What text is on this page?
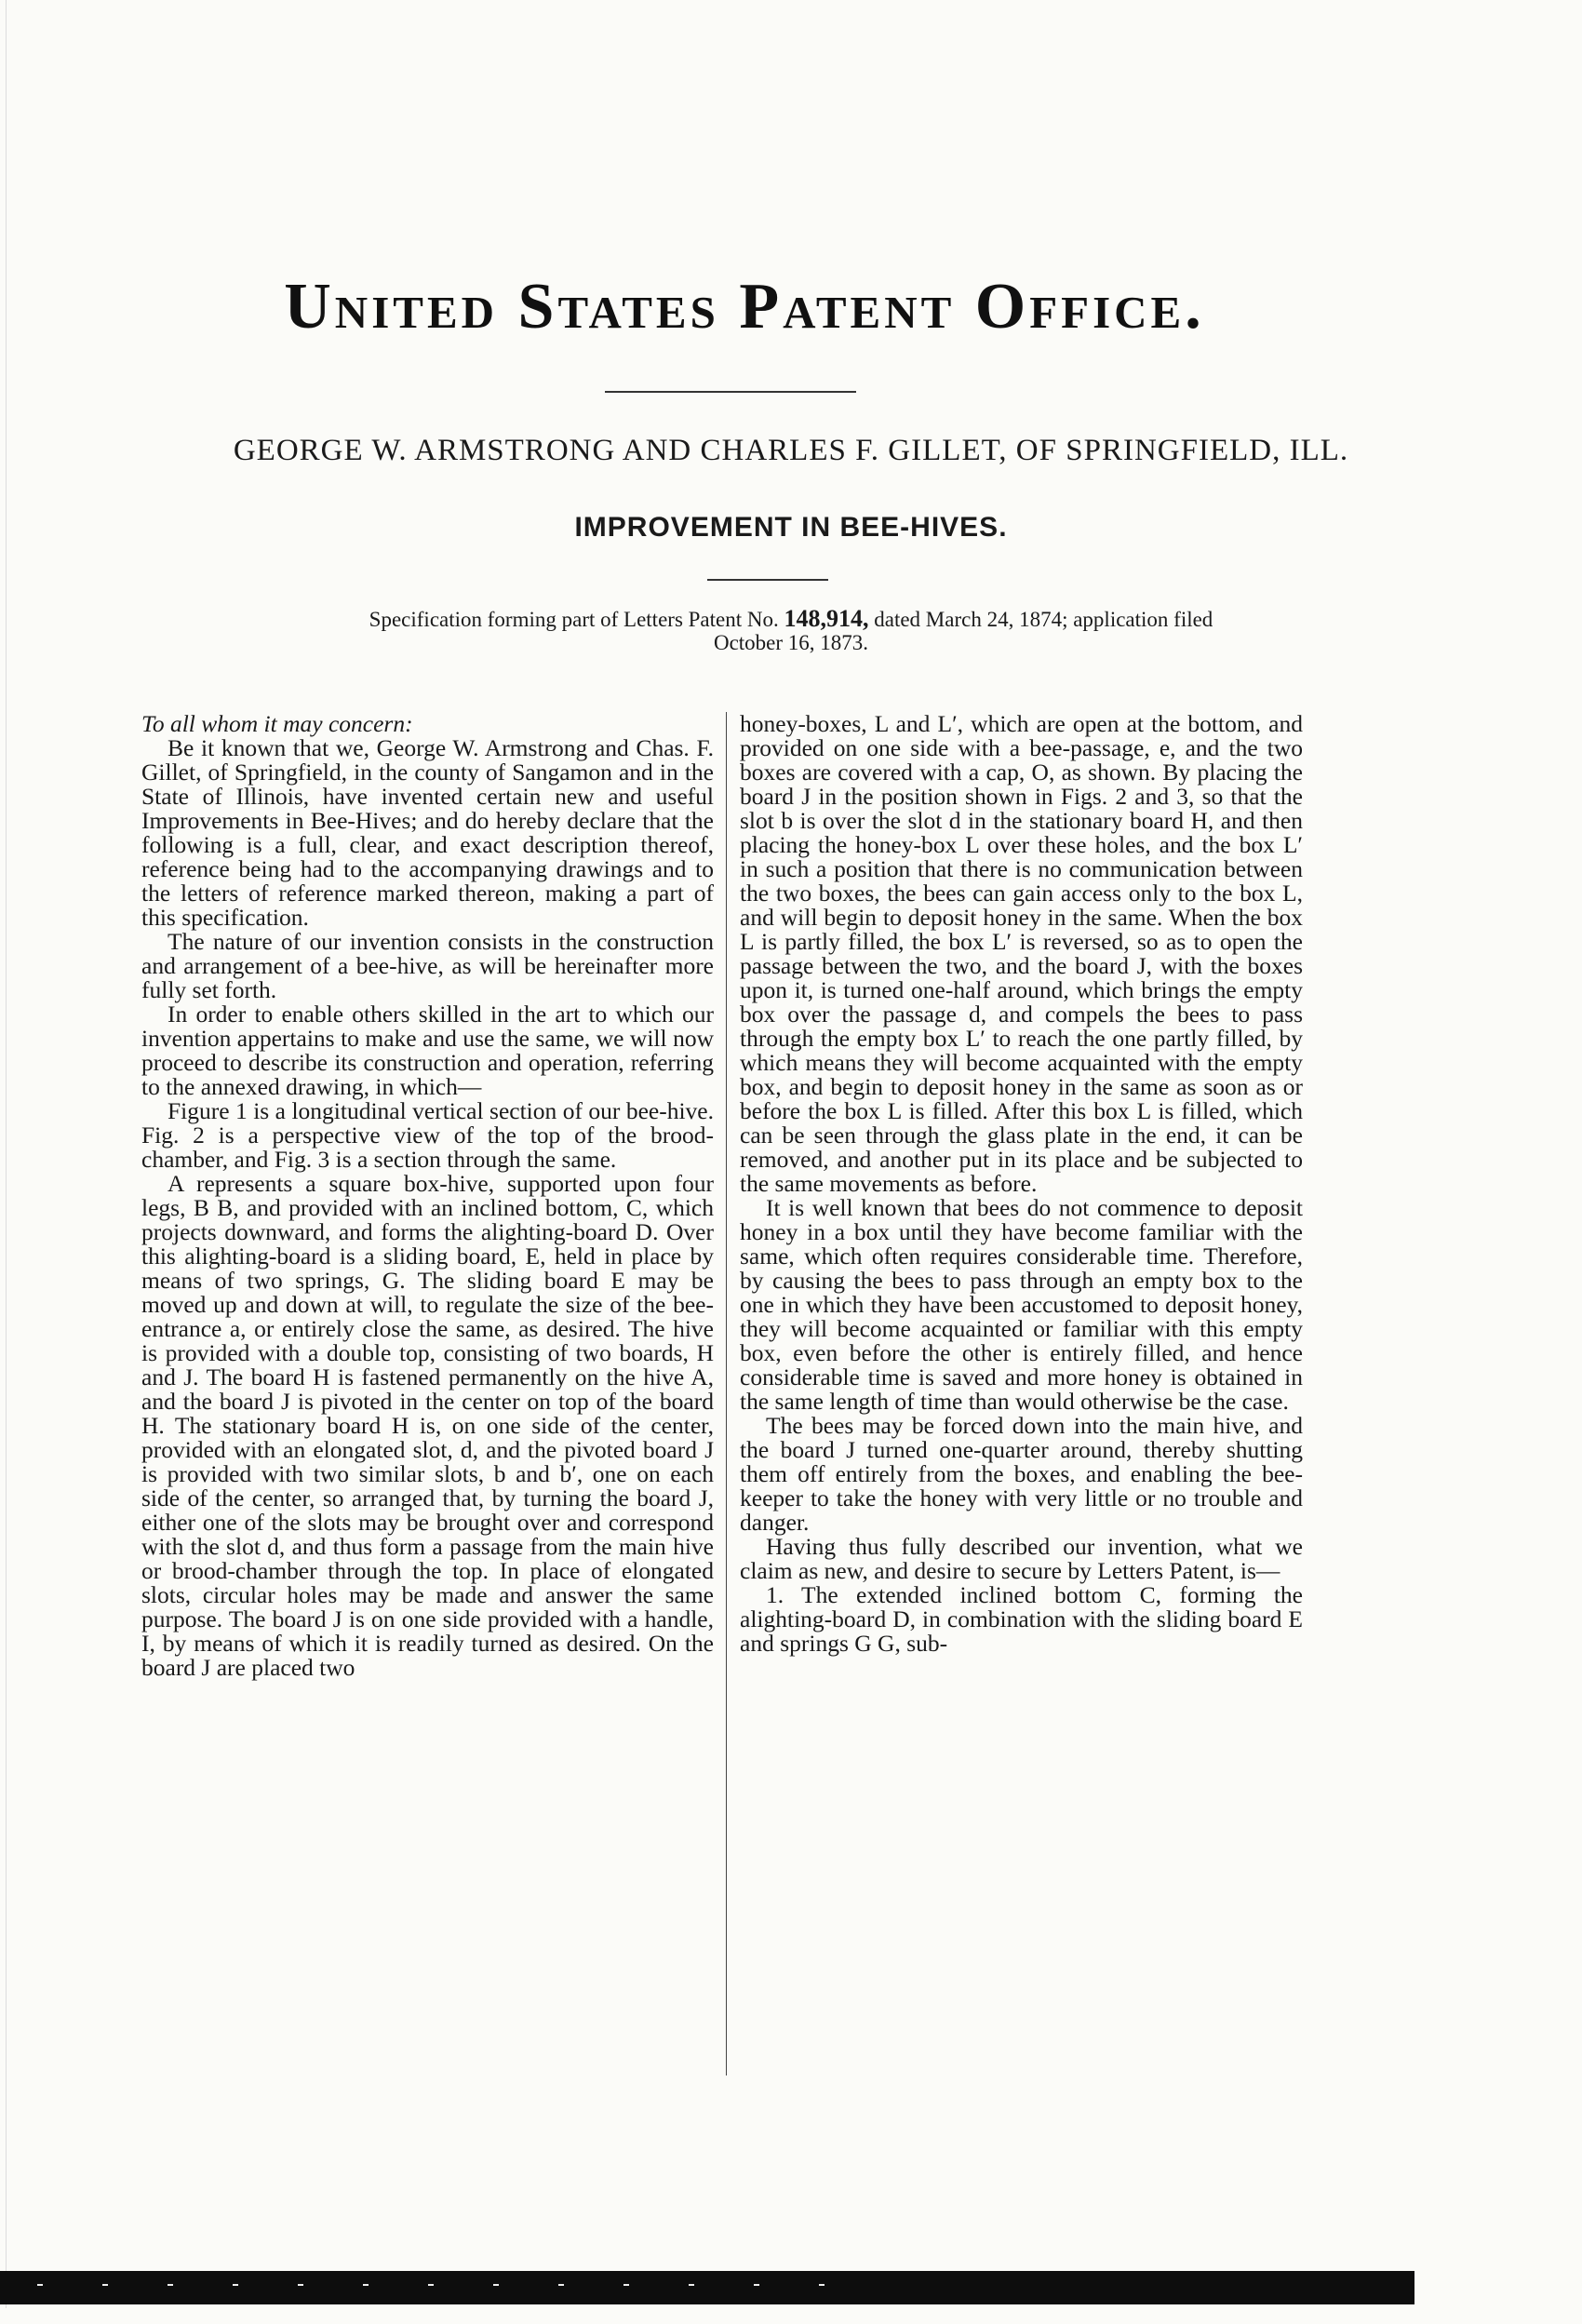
United States Patent Office.
GEORGE W. ARMSTRONG AND CHARLES F. GILLET, OF SPRINGFIELD, ILL.
IMPROVEMENT IN BEE-HIVES.
Specification forming part of Letters Patent No. 148,914, dated March 24, 1874; application filed
October 16, 1873.

To all whom it may concern:

Be it known that we, George W. Armstrong and Chas. F. Gillet, of Springfield, in the county of Sangamon and in the State of Illinois, have invented certain new and useful Improvements in Bee-Hives; and do hereby declare that the following is a full, clear, and exact description thereof, reference being had to the accompanying drawings and to the letters of reference marked thereon, making a part of this specification.

The nature of our invention consists in the construction and arrangement of a bee-hive, as will be hereinafter more fully set forth.

In order to enable others skilled in the art to which our invention appertains to make and use the same, we will now proceed to describe its construction and operation, referring to the annexed drawing, in which—

Figure 1 is a longitudinal vertical section of our bee-hive. Fig. 2 is a perspective view of the top of the brood-chamber, and Fig. 3 is a section through the same.

A represents a square box-hive, supported upon four legs, B B, and provided with an inclined bottom, C, which projects downward, and forms the alighting-board D. Over this alighting-board is a sliding board, E, held in place by means of two springs, G. The sliding board E may be moved up and down at will, to regulate the size of the bee-entrance a, or entirely close the same, as desired. The hive is provided with a double top, consisting of two boards, H and J. The board H is fastened permanently on the hive A, and the board J is pivoted in the center on top of the board H. The stationary board H is, on one side of the center, provided with an elongated slot, d, and the pivoted board J is provided with two similar slots, b and b′, one on each side of the center, so arranged that, by turning the board J, either one of the slots may be brought over and correspond with the slot d, and thus form a passage from the main hive or brood-chamber through the top. In place of elongated slots, circular holes may be made and answer the same purpose. The board J is on one side provided with a handle, I, by means of which it is readily turned as desired. On the board J are placed two

honey-boxes, L and L′, which are open at the bottom, and provided on one side with a bee-passage, e, and the two boxes are covered with a cap, O, as shown. By placing the board J in the position shown in Figs. 2 and 3, so that the slot b is over the slot d in the stationary board H, and then placing the honey-box L over these holes, and the box L′ in such a position that there is no communication between the two boxes, the bees can gain access only to the box L, and will begin to deposit honey in the same. When the box L is partly filled, the box L′ is reversed, so as to open the passage between the two, and the board J, with the boxes upon it, is turned one-half around, which brings the empty box over the passage d, and compels the bees to pass through the empty box L′ to reach the one partly filled, by which means they will become acquainted with the empty box, and begin to deposit honey in the same as soon as or before the box L is filled. After this box L is filled, which can be seen through the glass plate in the end, it can be removed, and another put in its place and be subjected to the same movements as before.

It is well known that bees do not commence to deposit honey in a box until they have become familiar with the same, which often requires considerable time. Therefore, by causing the bees to pass through an empty box to the one in which they have been accustomed to deposit honey, they will become acquainted or familiar with this empty box, even before the other is entirely filled, and hence considerable time is saved and more honey is obtained in the same length of time than would otherwise be the case.

The bees may be forced down into the main hive, and the board J turned one-quarter around, thereby shutting them off entirely from the boxes, and enabling the bee-keeper to take the honey with very little or no trouble and danger.

Having thus fully described our invention, what we claim as new, and desire to secure by Letters Patent, is—

1. The extended inclined bottom C, forming the alighting-board D, in combination with the sliding board E and springs G G, sub-
